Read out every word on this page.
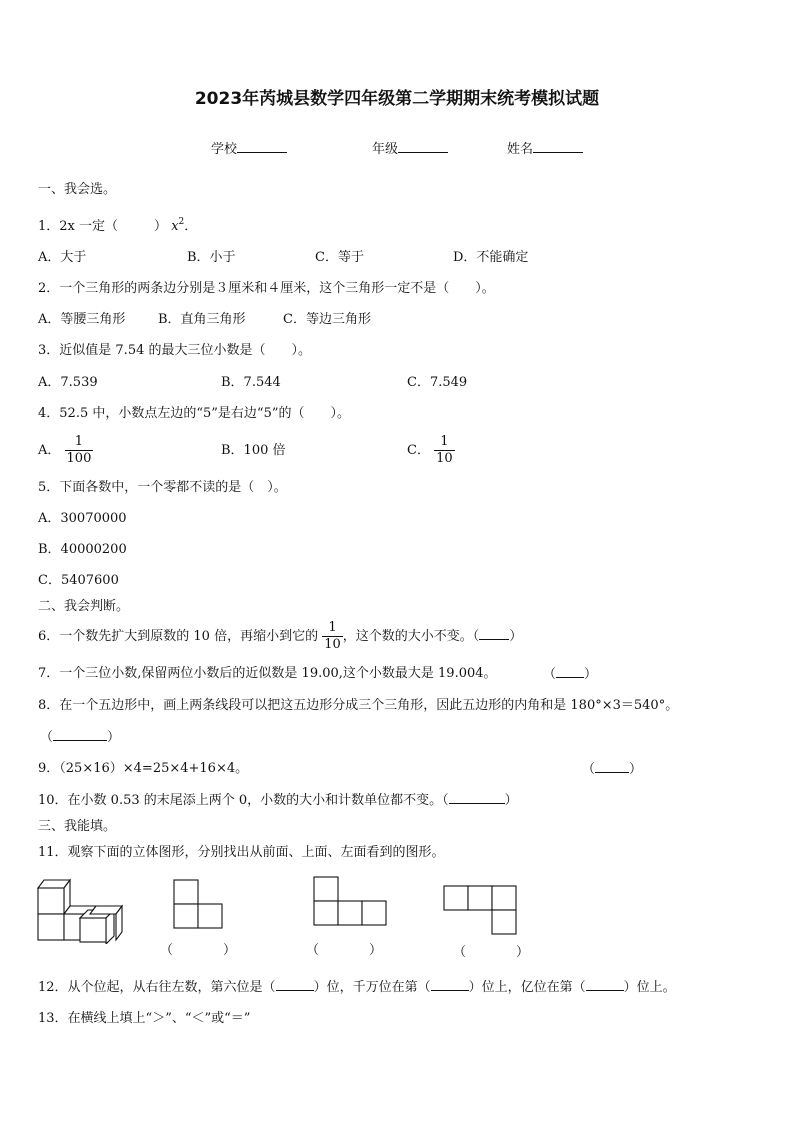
2023年芮城县数学四年级第二学期期末统考模拟试题
学校	年级	姓名
一、我会选。
1．2x 一定（	） $x^2$．
A．大于	B．小于	C．等于	D．不能确定
2．一个三角形的两条边分别是３厘米和４厘米，这个三角形一定不是（　　）。
A．等腰三角形	B．直角三角形	C．等边三角形
3．近似值是 7.54 的最大三位小数是（　　）。
A．7.539	B．7.544	C．7.549
4．52.5 中，小数点左边的“5”是右边“5”的（　　）。
A． $\frac{1}{100}$	B．100 倍	C． $\frac{1}{10}$
5．下面各数中，一个零都不读的是（　）。
A．30070000
B．40000200
C．5407600
二、我会判断。
6．一个数先扩大到原数的 10 倍，再缩小到它的 $\frac{1}{10}$ ，这个数的大小不变。（ ）
7．一个三位小数,保留两位小数后的近似数是 19.00,这个小数最大是 19.004。	（ ）
8．在一个五边形中，画上两条线段可以把这五边形分成三个三角形，因此五边形的内角和是 180°×3＝540°。
（	）
9．（25×16）×4=25×4+16×4。	（	）
10．在小数 0.53 的末尾添上两个 0，小数的大小和计数单位都不变。（	）
三、我能填。
11．观察下面的立体图形，分别找出从前面、上面、左面看到的图形。
（	）	（	）	（	）
12．从个位起，从右往左数，第六位是（	）位，千万位在第（	）位上，亿位在第（	）位上。
13．在横线上填上“＞”、“＜”或“＝”
